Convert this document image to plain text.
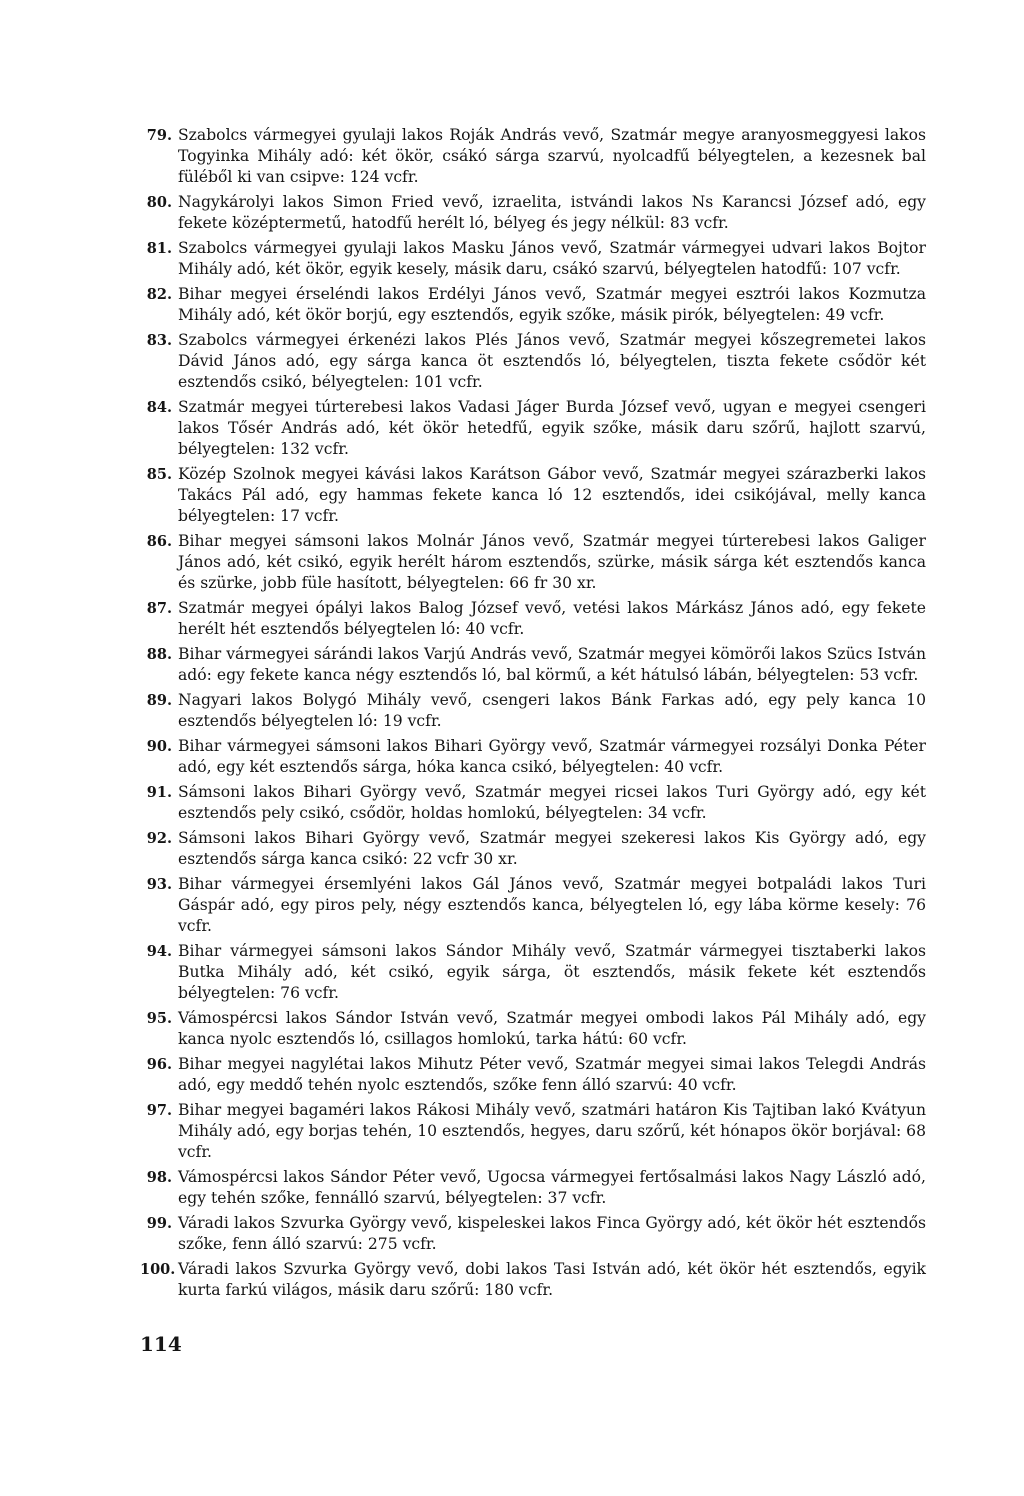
79. Szabolcs vármegyei gyulaji lakos Roják András vevő, Szatmár megye aranyosmeggyesi lakos Togyinka Mihály adó: két ökör, csákó sárga szarvú, nyolcadfű bélyegtelen, a kezesnek bal füléből ki van csipve: 124 vcfr.
80. Nagykárolyi lakos Simon Fried vevő, izraelita, istvándi lakos Ns Karancsi József adó, egy fekete középtermetű, hatodfű herélt ló, bélyeg és jegy nélkül: 83 vcfr.
81. Szabolcs vármegyei gyulaji lakos Masku János vevő, Szatmár vármegyei udvari lakos Bojtor Mihály adó, két ökör, egyik kesely, másik daru, csákó szarvú, bélyegtelen hatodfű: 107 vcfr.
82. Bihar megyei érseléndi lakos Erdélyi János vevő, Szatmár megyei esztrói lakos Kozmutza Mihály adó, két ökör borjú, egy esztendős, egyik szőke, másik pirók, bélyegtelen: 49 vcfr.
83. Szabolcs vármegyei érkenézi lakos Plés János vevő, Szatmár megyei kőszegremetei lakos Dávid János adó, egy sárga kanca öt esztendős ló, bélyegtelen, tiszta fekete csődör két esztendős csikó, bélyegtelen: 101 vcfr.
84. Szatmár megyei túrterebesi lakos Vadasi Jáger Burda József vevő, ugyan e megyei csengeri lakos Tősér András adó, két ökör hetedfű, egyik szőke, másik daru szőrű, hajlott szarvú, bélyegtelen: 132 vcfr.
85. Közép Szolnok megyei kávási lakos Karátson Gábor vevő, Szatmár megyei szárazberki lakos Takács Pál adó, egy hammas fekete kanca ló 12 esztendős, idei csikójával, melly kanca bélyegtelen: 17 vcfr.
86. Bihar megyei sámsoni lakos Molnár János vevő, Szatmár megyei túrterebesi lakos Galiger János adó, két csikó, egyik herélt három esztendős, szürke, másik sárga két esztendős kanca és szürke, jobb füle hasított, bélyegtelen: 66 fr 30 xr.
87. Szatmár megyei ópályi lakos Balog József vevő, vetési lakos Márkász János adó, egy fekete herélt hét esztendős bélyegtelen ló: 40 vcfr.
88. Bihar vármegyei sárándi lakos Varjú András vevő, Szatmár megyei kömörői lakos Szücs István adó: egy fekete kanca négy esztendős ló, bal körmű, a két hátulsó lábán, bélyegtelen: 53 vcfr.
89. Nagyari lakos Bolygó Mihály vevő, csengeri lakos Bánk Farkas adó, egy pely kanca 10 esztendős bélyegtelen ló: 19 vcfr.
90. Bihar vármegyei sámsoni lakos Bihari György vevő, Szatmár vármegyei rozsályi Donka Péter adó, egy két esztendős sárga, hóka kanca csikó, bélyegtelen: 40 vcfr.
91. Sámsoni lakos Bihari György vevő, Szatmár megyei ricsei lakos Turi György adó, egy két esztendős pely csikó, csődör, holdas homlokú, bélyegtelen: 34 vcfr.
92. Sámsoni lakos Bihari György vevő, Szatmár megyei szekeresi lakos Kis György adó, egy esztendős sárga kanca csikó: 22 vcfr 30 xr.
93. Bihar vármegyei érsemlyéni lakos Gál János vevő, Szatmár megyei botpaládi lakos Turi Gáspár adó, egy piros pely, négy esztendős kanca, bélyegtelen ló, egy lába körme kesely: 76 vcfr.
94. Bihar vármegyei sámsoni lakos Sándor Mihály vevő, Szatmár vármegyei tisztaberki lakos Butka Mihály adó, két csikó, egyik sárga, öt esztendős, másik fekete két esztendős bélyegtelen: 76 vcfr.
95. Vámospércsi lakos Sándor István vevő, Szatmár megyei ombodi lakos Pál Mihály adó, egy kanca nyolc esztendős ló, csillagos homlokú, tarka hátú: 60 vcfr.
96. Bihar megyei nagylétai lakos Mihutz Péter vevő, Szatmár megyei simai lakos Telegdi András adó, egy meddő tehén nyolc esztendős, szőke fenn álló szarvú: 40 vcfr.
97. Bihar megyei bagaméri lakos Rákosi Mihály vevő, szatmári határon Kis Tajtiban lakó Kvátyun Mihály adó, egy borjas tehén, 10 esztendős, hegyes, daru szőrű, két hónapos ökör borjával: 68 vcfr.
98. Vámospércsi lakos Sándor Péter vevő, Ugocsa vármegyei fertősalmási lakos Nagy László adó, egy tehén szőke, fennálló szarvú, bélyegtelen: 37 vcfr.
99. Váradi lakos Szvurka György vevő, kispeleskei lakos Finca György adó, két ökör hét esztendős szőke, fenn álló szarvú: 275 vcfr.
100. Váradi lakos Szvurka György vevő, dobi lakos Tasi István adó, két ökör hét esztendős, egyik kurta farkú világos, másik daru szőrű: 180 vcfr.
114
